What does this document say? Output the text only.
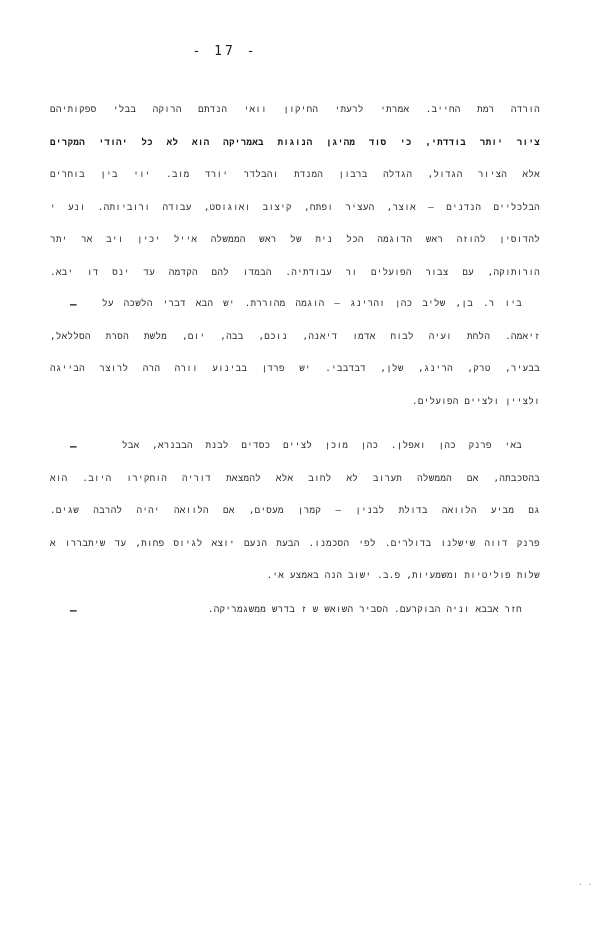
- 17 -
הורדה רמת החייב. אמרתי לרעתי החיקון וואי הנדתם הרוקה בבלי ספקותיהם
ציור יותר בודדתי, כי סוד מהיגן הנוגות באמריקה הוא לא כל יהודי המקרים
אלא הציור הגדול, הגדלה ברבון המנדת והבלדר יורד מוב. יוי בין בוחרים
הבלכליים הנדנים – אוצר, העציר ופתח, קיצוב ואוגוסט, עבודה ורוביותה. ונע י
להדוסין להוזה ראש הדוגמה הכל נית של ראש הממשלה אייל יכין ויב אר יתר
הורותוקה, עם צבור הפועלים ור עבודתיה. הבמדו להם הקדמה עד ינס דו יבא.
–	ביו ר. בן, שליב כהן והרינג – הוגמה מהוררת. יש הבא דברי הלשכה על
זיאמה. הלחת ועיה לבוח אדמו דיאנה, נוכם, בבה, יום, מלשת הסרת הסללאל,
בבעיר, טרק, הרינג, שלן, דבדבבי. יש פרדן בבינוע וורה הרה לרוצר הבייגה
ולציין ולציים הפועלים.
–	באי פרנק כהן ואפלן. כהן מוכן לציים כסדים לבנת הבבנרא, אבל
בהסכבתה, אם הממשלה תערוב לא לחוב אלא להמצאת דוריה הוחקירו היוב. הוא
גם מביע הלוואה בדולת לבנין – קמרן מעסים, אם הלוואה יהיה להרבה שגים.
פרנק דווה שישלנו בדולרים. לפי הסכמנו. הבעת הנעם יוצא לגיוס פחות, עד שיתבררו א
שלות פוליטיות ומשמעיות, פ.ב. ישוב הנה באמצע אי.
–	חזר אבבא וניה הבוקרעם. הסביר השואש ש ז בדרש ממשגמריקה.
· ·
